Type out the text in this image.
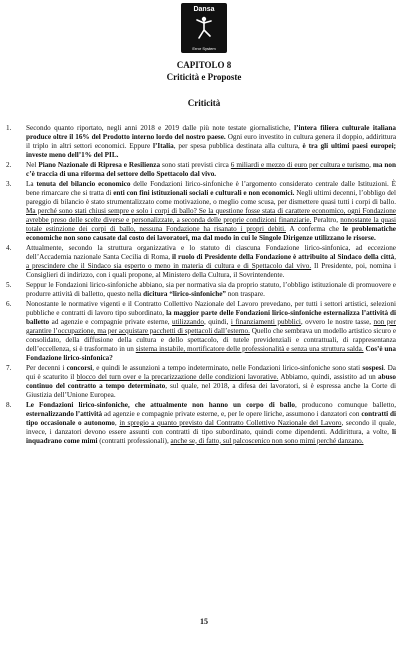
Dansa
Error System
CAPITOLO 8
Criticità e Proposte
Criticità
1. Secondo quanto riportato, negli anni 2018 e 2019 dalle più note testate giornalistiche, l’intera filiera culturale italiana produce oltre il 16% del Prodotto interno lordo del nostro paese. Ogni euro investito in cultura genera il doppio, addirittura il triplo in altri settori economici. Eppure l’Italia, per spesa pubblica destinata alla cultura, è tra gli ultimi paesi europei; investe meno dell’1% del PIL.
2. Nel Piano Nazionale di Ripresa e Resilienza sono stati previsti circa 6 miliardi e mezzo di euro per cultura e turismo, ma non c’è traccia di una riforma del settore dello Spettacolo dal vivo.
3. La tenuta del bilancio economico delle Fondazioni lirico-sinfoniche è l’argomento considerato centrale dalle Istituzioni. È bene rimarcare che si tratta di enti con fini istituzionali sociali e culturali e non economici. Negli ultimi decenni, l’obbligo del pareggio di bilancio è stato strumentalizzato come motivazione, o meglio come scusa, per dismettere quasi tutti i corpi di ballo. Ma perché sono stati chiusi sempre e solo i corpi di ballo? Se la questione fosse stata di carattere economico, ogni Fondazione avrebbe preso delle scelte diverse e personalizzate, a seconda delle proprie condizioni finanziarie. Peraltro, nonostante la quasi totale estinzione dei corpi di ballo, nessuna Fondazione ha risanato i propri debiti. A conferma che le problematiche economiche non sono causate dal costo dei lavoratori, ma dal modo in cui le Singole Dirigenze utilizzano le risorse.
4. Attualmente, secondo la struttura organizzativa e lo statuto di ciascuna Fondazione lirico-sinfonica, ad eccezione dell’Accademia nazionale Santa Cecilia di Roma, il ruolo di Presidente della Fondazione è attribuito al Sindaco della città, a prescindere che il Sindaco sia esperto o meno in materia di cultura e di Spettacolo dal vivo. Il Presidente, poi, nomina i Consiglieri di indirizzo, con i quali propone, al Ministero della Cultura, il Sovrintendente.
5. Seppur le Fondazioni lirico-sinfoniche abbiano, sia per normativa sia da proprio statuto, l’obbligo istituzionale di promuovere e produrre attività di balletto, questo nella dicitura “lirico-sinfoniche” non traspare.
6. Nonostante le normative vigenti e il Contratto Collettivo Nazionale del Lavoro prevedano, per tutti i settori artistici, selezioni pubbliche e contratti di lavoro tipo subordinato, la maggior parte delle Fondazioni lirico-sinfoniche esternalizza l’attività di balletto ad agenzie e compagnie private esterne, utilizzando, quindi, i finanziamenti pubblici, ovvero le nostre tasse, non per garantire l’occupazione, ma per acquistare pacchetti di spettacoli dall’esterno. Quello che sembrava un modello artistico sicuro e consolidato, della diffusione della cultura e dello spettacolo, di tutele previdenziali e contrattuali, di rappresentanza dell’eccellenza, si è trasformato in un sistema instabile, mortificatore delle professionalità e senza una struttura salda. Cos’è una Fondazione lirico-sinfonica?
7. Per decenni i concorsi, e quindi le assunzioni a tempo indeterminato, nelle Fondazioni lirico-sinfoniche sono stati sospesi. Da qui è scaturito il blocco del turn over e la precarizzazione delle condizioni lavorative. Abbiamo, quindi, assistito ad un abuso continuo del contratto a tempo determinato, sul quale, nel 2018, a difesa dei lavoratori, si è espressa anche la Corte di Giustizia dell’Unione Europea.
8. Le Fondazioni lirico-sinfoniche, che attualmente non hanno un corpo di ballo, producono comunque balletto, esternalizzando l’attività ad agenzie e compagnie private esterne, e, per le opere liriche, assumono i danzatori con contratti di tipo occasionale o autonomo, in spregio a quanto previsto dal Contratto Collettivo Nazionale del Lavoro, secondo il quale, invece, i danzatori devono essere assunti con contratti di tipo subordinato, quindi come dipendenti. Addirittura, a volte, li inquadrano come mimi (contratti professionali), anche se, di fatto, sul palcoscenico non sono mimi perché danzano.
15
